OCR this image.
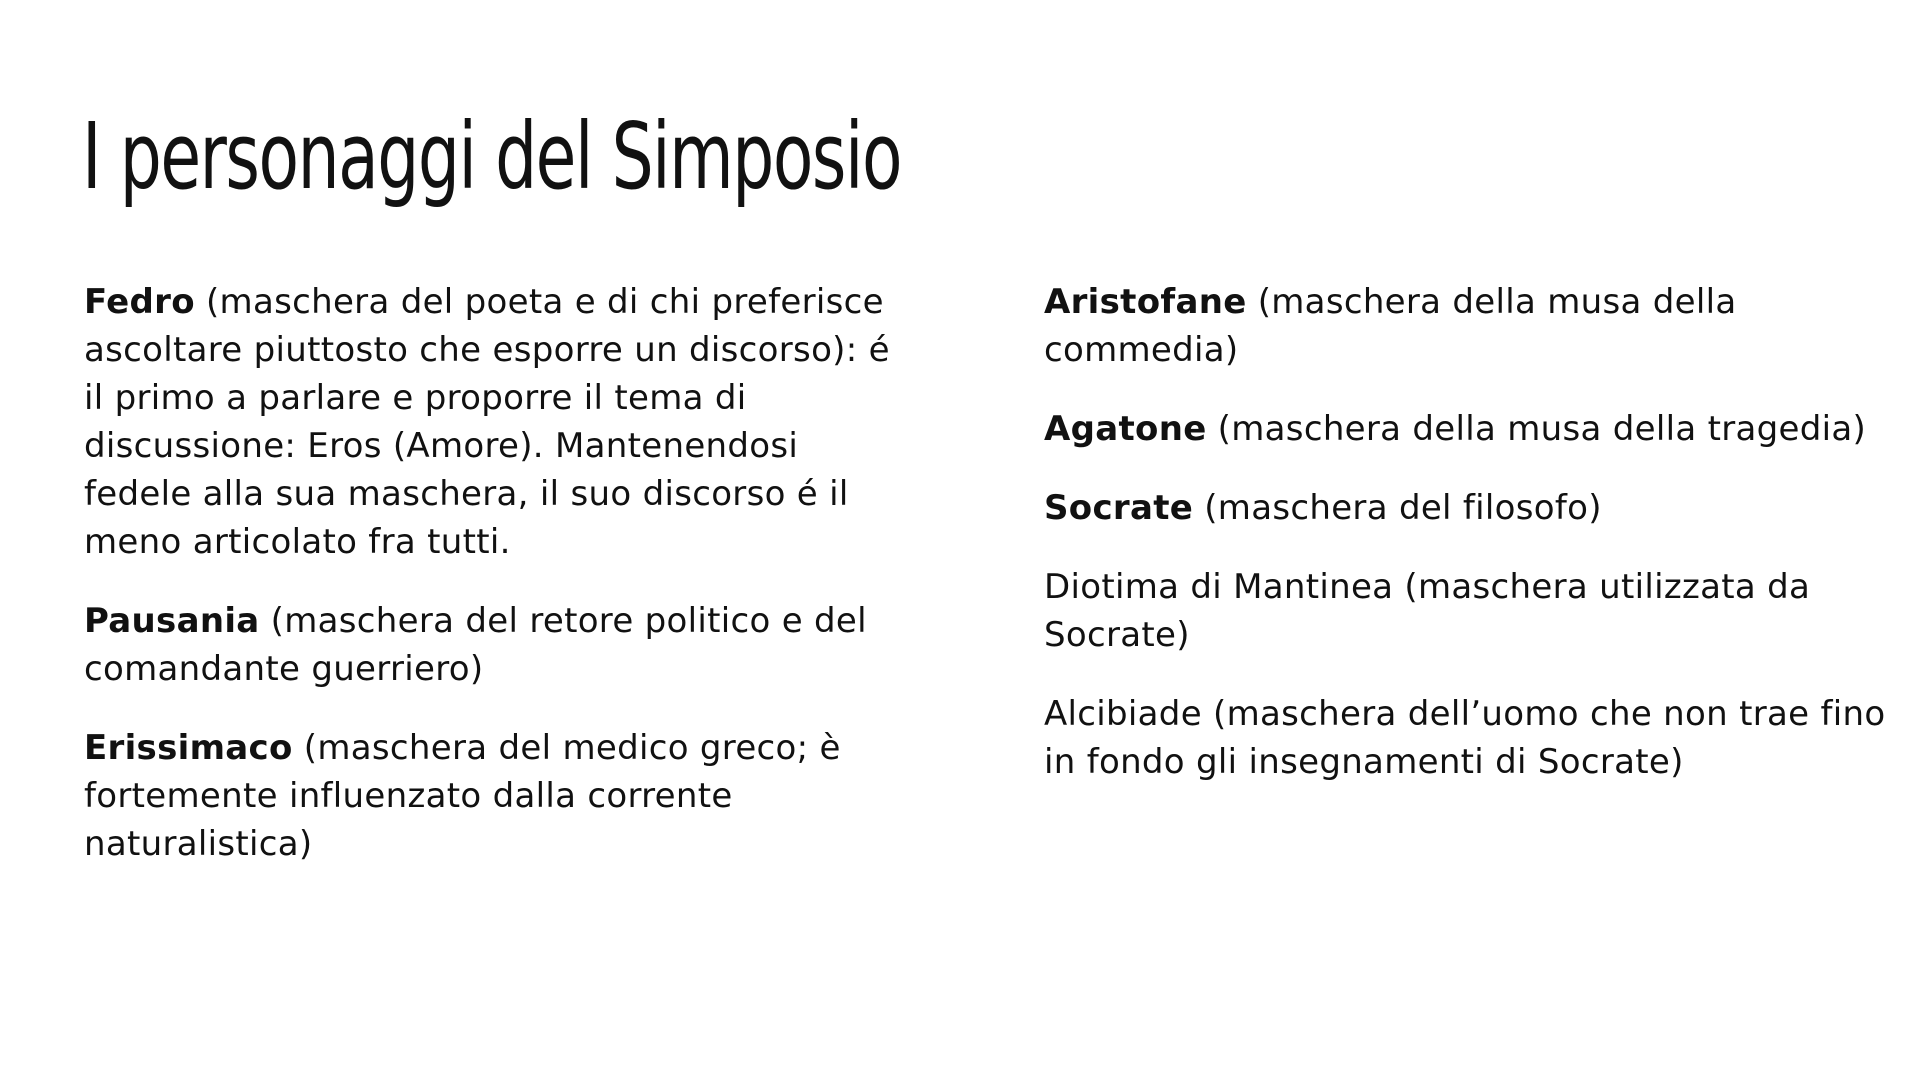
I personaggi del Simposio

Fedro (maschera del poeta e di chi preferisce ascoltare piuttosto che esporre un discorso): é il primo a parlare e proporre il tema di discussione: Eros (Amore). Mantenendosi fedele alla sua maschera, il suo discorso é il meno articolato fra tutti.

Pausania (maschera del retore politico e del comandante guerriero)

Erissimaco (maschera del medico greco; è fortemente influenzato dalla corrente naturalistica)

Aristofane (maschera della musa della commedia)

Agatone (maschera della musa della tragedia)

Socrate (maschera del filosofo)

Diotima di Mantinea (maschera utilizzata da Socrate)

Alcibiade (maschera dell’uomo che non trae fino in fondo gli insegnamenti di Socrate)
